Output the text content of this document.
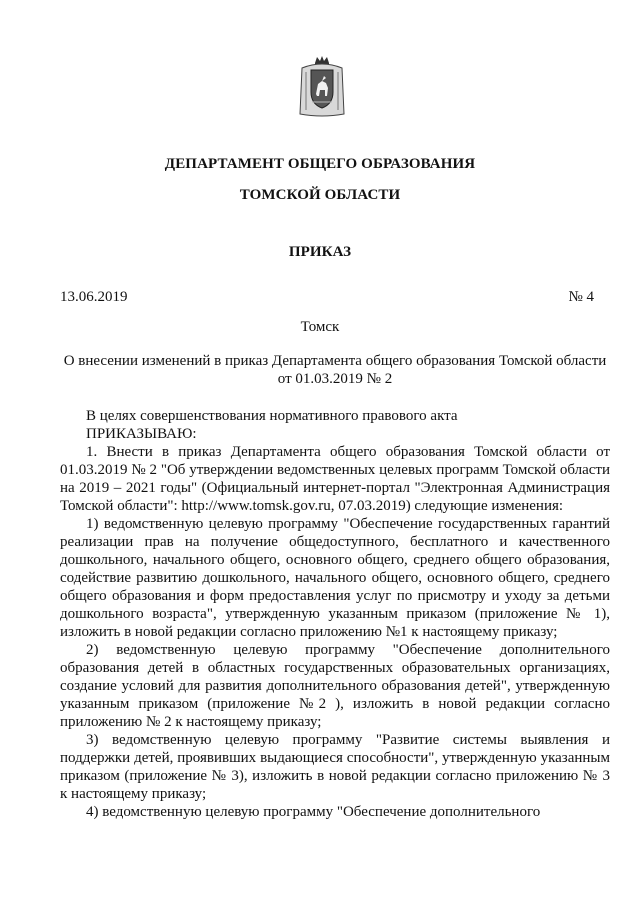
ДЕПАРТАМЕНТ ОБЩЕГО ОБРАЗОВАНИЯ
ТОМСКОЙ ОБЛАСТИ
ПРИКАЗ
13.06.2019	№ 4
Томск
О внесении изменений в приказ Департамента общего образования Томской области от 01.03.2019 № 2

В целях совершенствования нормативного правового акта

ПРИКАЗЫВАЮ:

1. Внести в приказ Департамента общего образования Томской области от 01.03.2019 № 2 "Об утверждении ведомственных целевых программ Томской области на 2019 – 2021 годы" (Официальный интернет-портал "Электронная Администрация Томской области": http://www.tomsk.gov.ru, 07.03.2019) следующие изменения:

1) ведомственную целевую программу "Обеспечение государственных гарантий реализации прав на получение общедоступного, бесплатного и качественного дошкольного, начального общего, основного общего, среднего общего образования, содействие развитию дошкольного, начального общего, основного общего, среднего общего образования и форм предоставления услуг по присмотру и уходу за детьми дошкольного возраста", утвержденную указанным приказом (приложение № 1), изложить в новой редакции согласно приложению №1 к настоящему приказу;

2) ведомственную целевую программу "Обеспечение дополнительного образования детей в областных государственных образовательных организациях, создание условий для развития дополнительного образования детей", утвержденную указанным приказом (приложение №2 ), изложить в новой редакции согласно приложению № 2 к настоящему приказу;

3) ведомственную целевую программу "Развитие системы выявления и поддержки детей, проявивших выдающиеся способности", утвержденную указанным приказом (приложение № 3), изложить в новой редакции согласно приложению № 3 к настоящему приказу;

4) ведомственную целевую программу "Обеспечение дополнительного
